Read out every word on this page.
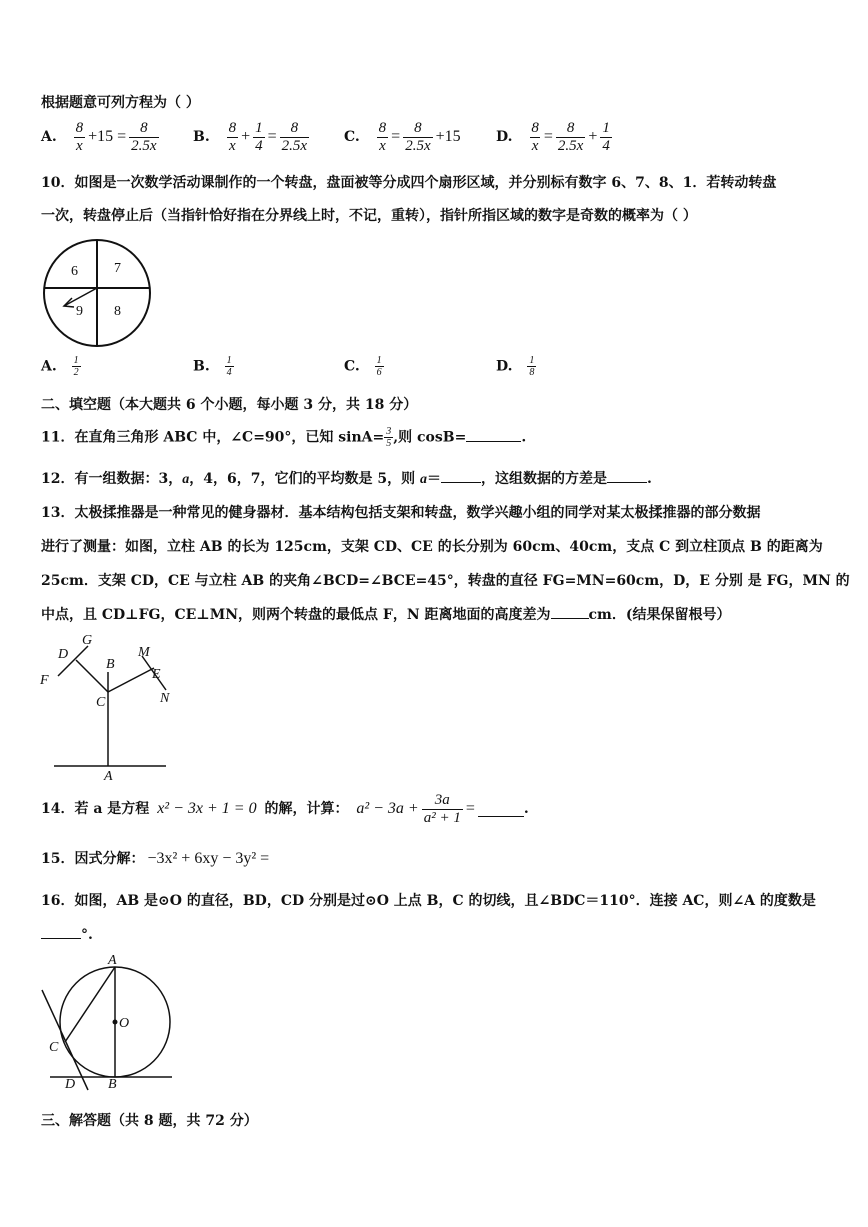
根据题意可列方程为（ ）
A. $\frac{8}{x} +15 = \frac{8}{2.5x} B$. $\frac{8}{x} + \frac{1}{4} = \frac{8}{2.5x} C$. $\frac{8}{x} = \frac{8}{2.5x} +15$	D. $\frac{8}{x} = \frac{8}{2.5x} + \frac{1}{4}$
10．如图是一次数学活动课制作的一个转盘，盘面被等分成四个扇形区域，并分别标有数字 6、7、8、1．若转动转盘
一次，转盘停止后（当指针恰好指在分界线上时，不记，重转），指针所指区域的数字是奇数的概率为（ ）
6	7
9 8
A. $\frac{1}{2}$	B. $\frac{1}{4}$	C. $\frac{1}{6}$	D. $\frac{1}{8}$
二、填空题（本大题共 6 个小题，每小题 3 分，共 18 分）
11．在直角三角形 ABC 中，∠C=90°，已知 $\sin A= \frac{3}{5}$ ,则 cosB=	.
12．有一组数据：3，a，4，6，7，它们的平均数是 5，则 a＝	，这组数据的方差是	.
13．太极揉推器是一种常见的健身器材．基本结构包括支架和转盘，数学兴趣小组的同学对某太极揉推器的部分数据
进行了测量：如图，立柱 AB 的长为 125cm，支架 CD、CE 的长分别为 60cm、40cm，支点 C 到立柱顶点 B 的距离为
25cm．支架 CD，CE 与立柱 AB 的夹角∠BCD=∠BCE=45°，转盘的直径 FG=MN=60cm，D，E 分别 是 FG，MN 的
中点，且 CD⊥FG，CE⊥MN，则两个转盘的最低点 F，N 距离地面的高度差为	cm．(结果保留根号）
D
G
B
M
E
F
C	N
A
14．若 a 是方程 x² − 3x + 1 = 0 的解，计算： $a^2 - 3a + \frac{3a}{\text{a² + 1}}$ =	.
15．因式分解： −3x² + 6xy − 3y² =
16．如图，AB 是⊙O 的直径，BD，CD 分别是过⊙O 上点 B，C 的切线，且∠BDC＝110°．连接 AC，则∠A 的度数是
°.
A
O
C
D B
三、解答题（共 8 题，共 72 分）
